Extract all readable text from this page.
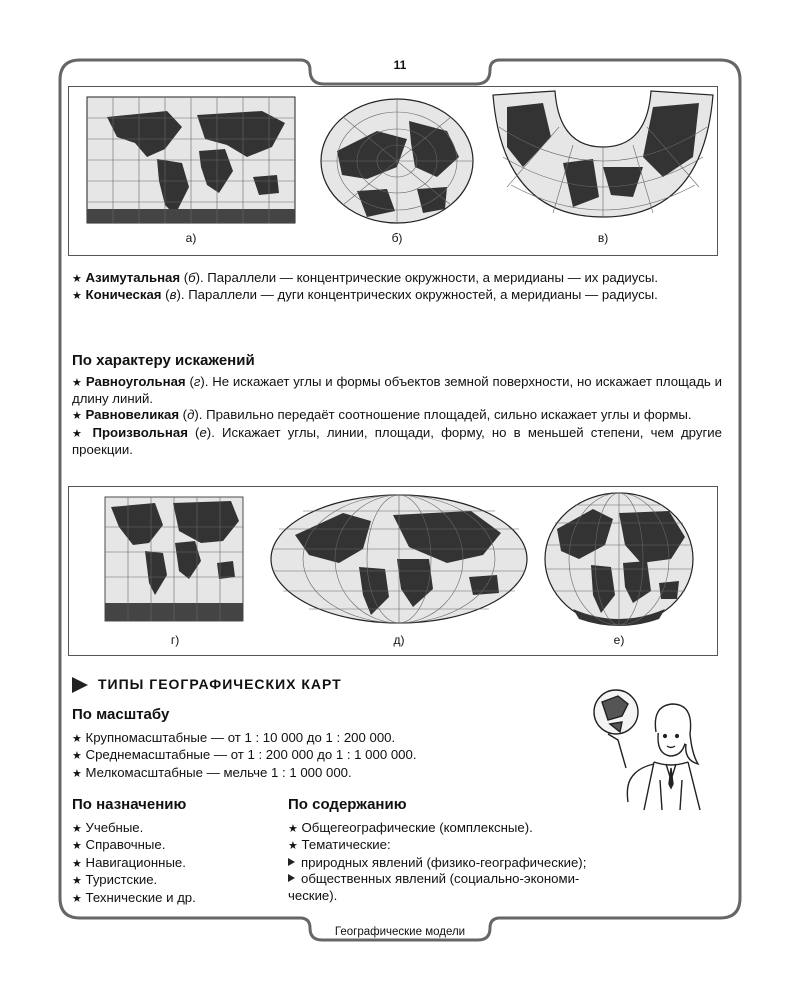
11
а)	б)	в)

★ Азимутальная (б). Параллели — концентрические окружности, а меридианы — их радиусы.

★ Коническая (в). Параллели — дуги концентрических окружностей, а меридианы — радиусы.

По характеру искажений

★ Равноугольная (г). Не искажает углы и формы объектов земной поверхности, но искажает площадь и длину линий.

★ Равновеликая (д). Правильно передаёт соотношение площадей, сильно искажает углы и формы.

★ Произвольная (е). Искажает углы, линии, площади, форму, но в меньшей степени, чем другие проекции.

г)	д)	е)
ТИПЫ ГЕОГРАФИЧЕСКИХ КАРТ
По масштабу
★ Крупномасштабные — от 1 : 10 000 до 1 : 200 000.
★ Среднемасштабные — от 1 : 200 000 до 1 : 1 000 000.
★ Мелкомасштабные — мельче 1 : 1 000 000.
По назначению
★ Учебные.
★ Справочные.
★ Навигационные.
★ Туристские.
★ Технические и др.
По содержанию
★ Общегеографические (комплексные).
★ Тематические:
природных явлений (физико-географические);
общественных явлений (социально-экономи-
ческие).
Географические модели
